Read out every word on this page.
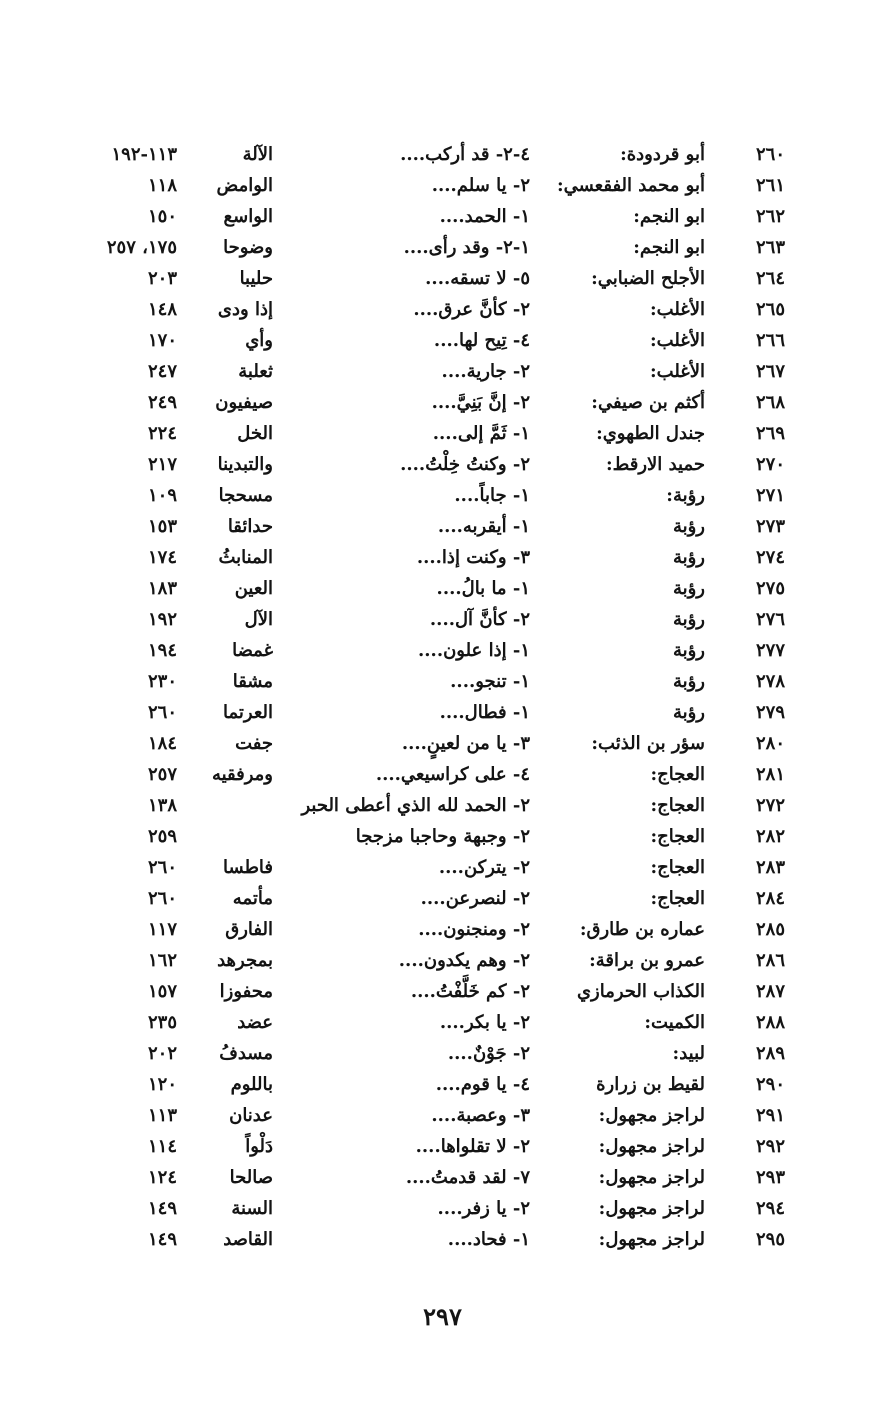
٢٦٠
أبو قردودة:
٤-٢- قد أركب....
الآلة
١١٣-١٩٢
٢٦١
أبو محمد الفقعسي:
٢- يا سلم....
الوامض
١١٨
٢٦٢
ابو النجم:
١- الحمد....
الواسع
١٥٠
٢٦٣
ابو النجم:
١-٢- وقد رأى....
وضوحا
١٧٥، ٢٥٧
٢٦٤
الأجلح الضبابي:
٥- لا تسقه....
حليبا
٢٠٣
٢٦٥
الأغلب:
٢- كأنَّ عرق....
إذا ودى
١٤٨
٢٦٦
الأغلب:
٤- تِيح لها....
وأي
١٧٠
٢٦٧
الأغلب:
٢- جارية....
ثعلبة
٢٤٧
٢٦٨
أكثم بن صيفي:
٢- إنَّ بَنِيَّ....
صيفيون
٢٤٩
٢٦٩
جندل الطهوي:
١- ثَمَّ إلى....
الخل
٢٢٤
٢٧٠
حميد الارقط:
٢- وكنتُ خِلْتُ....
والتبدينا
٢١٧
٢٧١
رؤبة:
١- جاباً....
مسحجا
١٠٩
٢٧٣
رؤبة
١- أيقربه....
حدائقا
١٥٣
٢٧٤
رؤبة
٣- وكنت إذا....
المنابثُ
١٧٤
٢٧٥
رؤبة
١- ما بالُ....
العين
١٨٣
٢٧٦
رؤبة
٢- كأنَّ آل....
الآل
١٩٢
٢٧٧
رؤبة
١- إذا علون....
غمضا
١٩٤
٢٧٨
رؤبة
١- تنجو....
مشقا
٢٣٠
٢٧٩
رؤبة
١- فطال....
العرتما
٢٦٠
٢٨٠
سؤر بن الذئب:
٣- يا من لعينٍ....
جفت
١٨٤
٢٨١
العجاج:
٤- على كراسيعي....
ومرفقيه
٢٥٧
٢٧٢
العجاج:
٢- الحمد لله الذي أعطى الحبر
١٣٨
٢٨٢
العجاج:
٢- وجبهة وحاجبا مزججا
٢٥٩
٢٨٣
العجاج:
٢- يتركن....
فاطسا
٢٦٠
٢٨٤
العجاج:
٢- لنصرعن....
مأتمه
٢٦٠
٢٨٥
عماره بن طارق:
٢- ومنجنون....
الفارق
١١٧
٢٨٦
عمرو بن براقة:
٢- وهم يكدون....
بمجرهد
١٦٢
٢٨٧
الكذاب الحرمازي
٢- كم خَلَّفْتُ....
محفوزا
١٥٧
٢٨٨
الكميت:
٢- يا بكر....
عضد
٢٣٥
٢٨٩
لبيد:
٢- جَوْنٌ....
مسدفُ
٢٠٢
٢٩٠
لقيط بن زرارة
٤- يا قوم....
باللوم
١٢٠
٢٩١
لراجز مجهول:
٣- وعصبة....
عدنان
١١٣
٢٩٢
لراجز مجهول:
٢- لا تقلواها....
دَلْواً
١١٤
٢٩٣
لراجز مجهول:
٧- لقد قدمتُ....
صالحا
١٢٤
٢٩٤
لراجز مجهول:
٢- يا زفر....
السنة
١٤٩
٢٩٥
لراجز مجهول:
١- فحاد....
القاصد
١٤٩
٢٩٧
